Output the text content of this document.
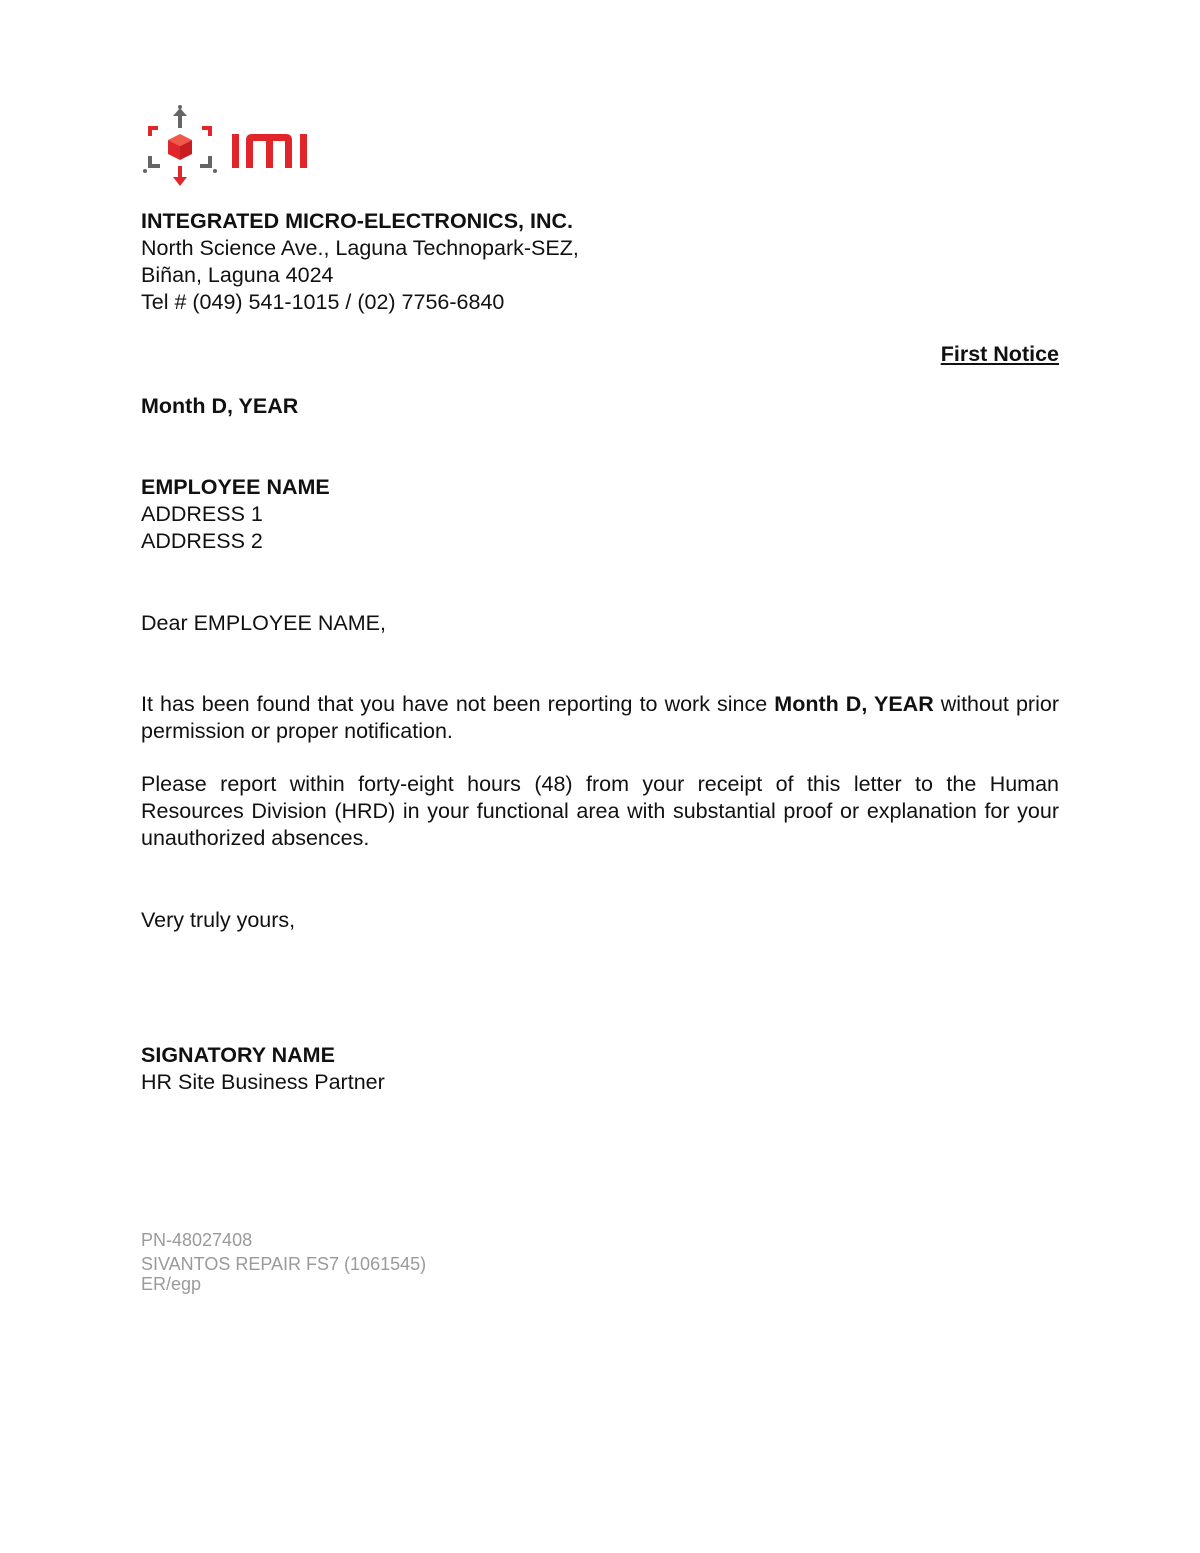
INTEGRATED MICRO-ELECTRONICS, INC.
North Science Ave., Laguna Technopark-SEZ,
Biñan, Laguna 4024
Tel # (049) 541-1015 / (02) 7756-6840
First Notice
Month D, YEAR
EMPLOYEE NAME
ADDRESS 1
ADDRESS 2
Dear EMPLOYEE NAME,
It has been found that you have not been reporting to work since Month D, YEAR without prior permission or proper notification.
Please report within forty-eight hours (48) from your receipt of this letter to the Human Resources Division (HRD) in your functional area with substantial proof or explanation for your unauthorized absences.
Very truly yours,
SIGNATORY NAME
HR Site Business Partner
PN-48027408
SIVANTOS REPAIR FS7 (1061545)
ER/egp
